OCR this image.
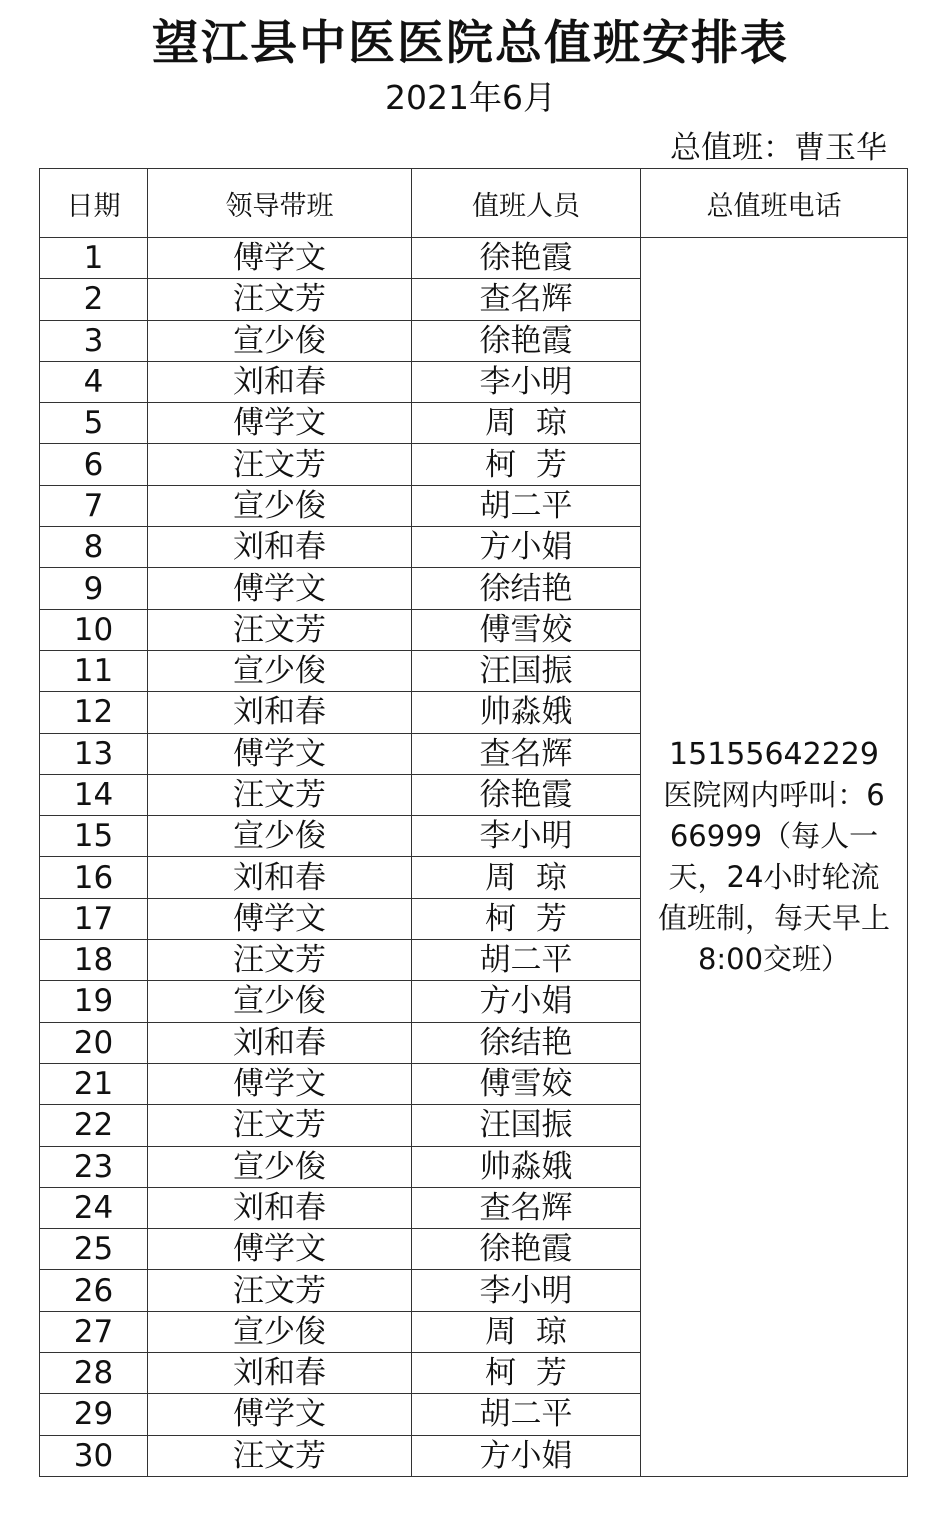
望江县中医医院总值班安排表
2021年6月
总值班：曹玉华
日期	领导带班	值班人员	总值班电话
1	傅学文	徐艳霞	15155642229
医院网内呼叫：666999（每人一天，24小时轮流值班制，每天早上8:00交班）

2	汪文芳	查名辉	
3	宣少俊	徐艳霞	
4	刘和春	李小明	
5	傅学文	周  琼	
6	汪文芳	柯  芳	
7	宣少俊	胡二平	
8	刘和春	方小娟	
9	傅学文	徐结艳	
10	汪文芳	傅雪姣	
11	宣少俊	汪国振	
12	刘和春	帅淼娥	
13	傅学文	查名辉	
14	汪文芳	徐艳霞	
15	宣少俊	李小明	
16	刘和春	周  琼	
17	傅学文	柯  芳	
18	汪文芳	胡二平	
19	宣少俊	方小娟	
20	刘和春	徐结艳	
21	傅学文	傅雪姣	
22	汪文芳	汪国振	
23	宣少俊	帅淼娥	
24	刘和春	查名辉	
25	傅学文	徐艳霞	
26	汪文芳	李小明	
27	宣少俊	周  琼	
28	刘和春	柯  芳	
29	傅学文	胡二平	
30	汪文芳	方小娟	
